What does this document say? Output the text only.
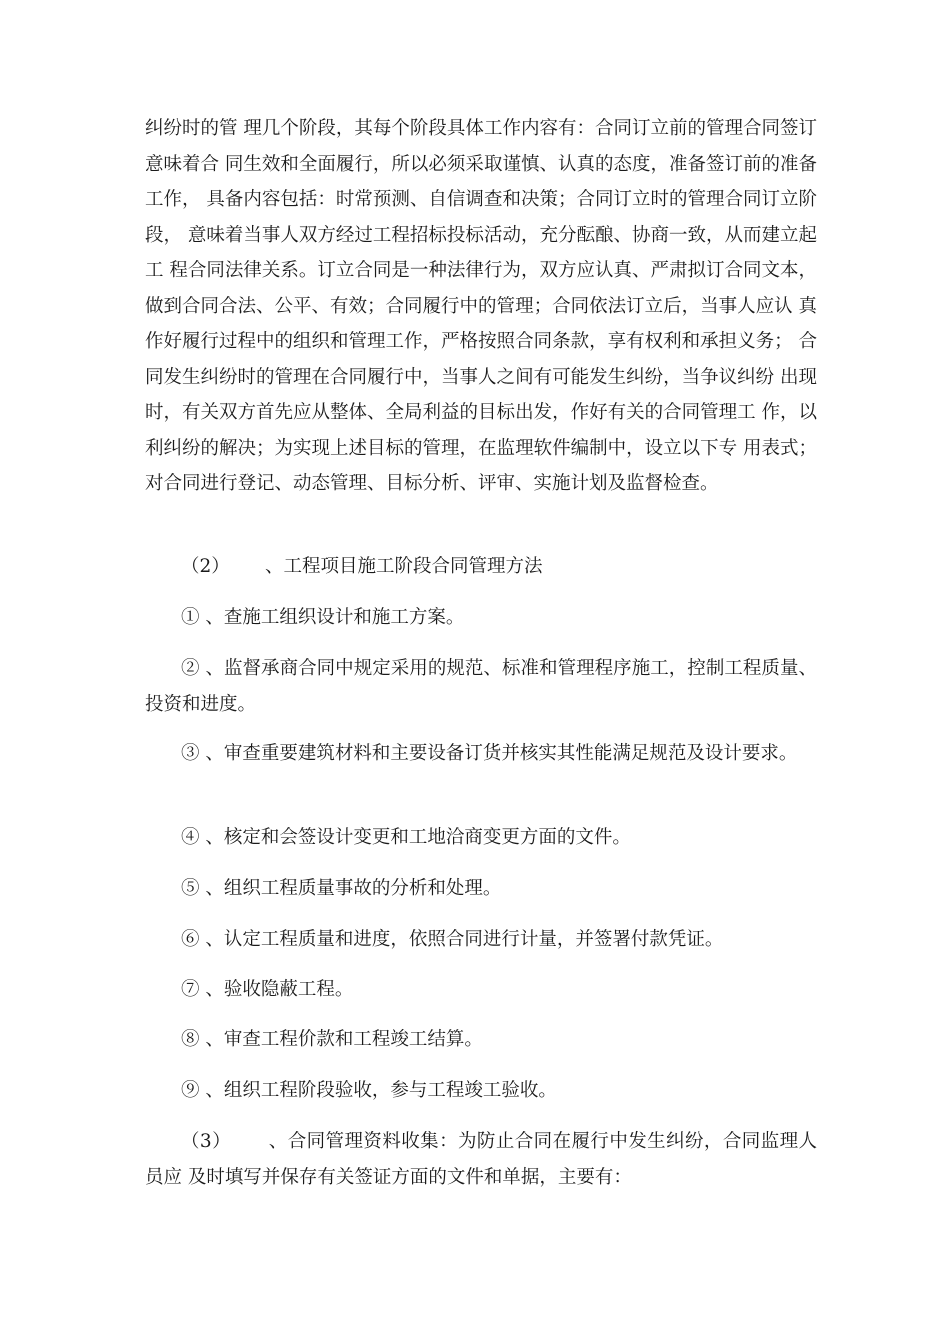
纠纷时的管 理几个阶段，其每个阶段具体工作内容有：合同订立前的管理合同签订意味着合 同生效和全面履行，所以必须采取谨慎、认真的态度，准备签订前的准备工作， 具备内容包括：时常预测、自信调查和决策；合同订立时的管理合同订立阶段， 意味着当事人双方经过工程招标投标活动，充分酝酿、协商一致，从而建立起工 程合同法律关系。订立合同是一种法律行为，双方应认真、严肃拟订合同文本， 做到合同合法、公平、有效；合同履行中的管理；合同依法订立后，当事人应认 真作好履行过程中的组织和管理工作，严格按照合同条款，享有权利和承担义务； 合同发生纠纷时的管理在合同履行中，当事人之间有可能发生纠纷，当争议纠纷 出现时，有关双方首先应从整体、全局利益的目标出发，作好有关的合同管理工 作，以利纠纷的解决；为实现上述目标的管理，在监理软件编制中，设立以下专 用表式；对合同进行登记、动态管理、目标分析、评审、实施计划及监督检查。

（2）      、工程项目施工阶段合同管理方法

① 、查施工组织设计和施工方案。

② 、监督承商合同中规定采用的规范、标准和管理程序施工，控制工程质量、 投资和进度。

③ 、审查重要建筑材料和主要设备订货并核实其性能满足规范及设计要求。

④ 、核定和会签设计变更和工地洽商变更方面的文件。

⑤ 、组织工程质量事故的分析和处理。

⑥ 、认定工程质量和进度，依照合同进行计量，并签署付款凭证。

⑦ 、验收隐蔽工程。

⑧ 、审查工程价款和工程竣工结算。

⑨ 、组织工程阶段验收，参与工程竣工验收。

（3）      、合同管理资料收集：为防止合同在履行中发生纠纷，合同监理人员应 及时填写并保存有关签证方面的文件和单据，主要有：
